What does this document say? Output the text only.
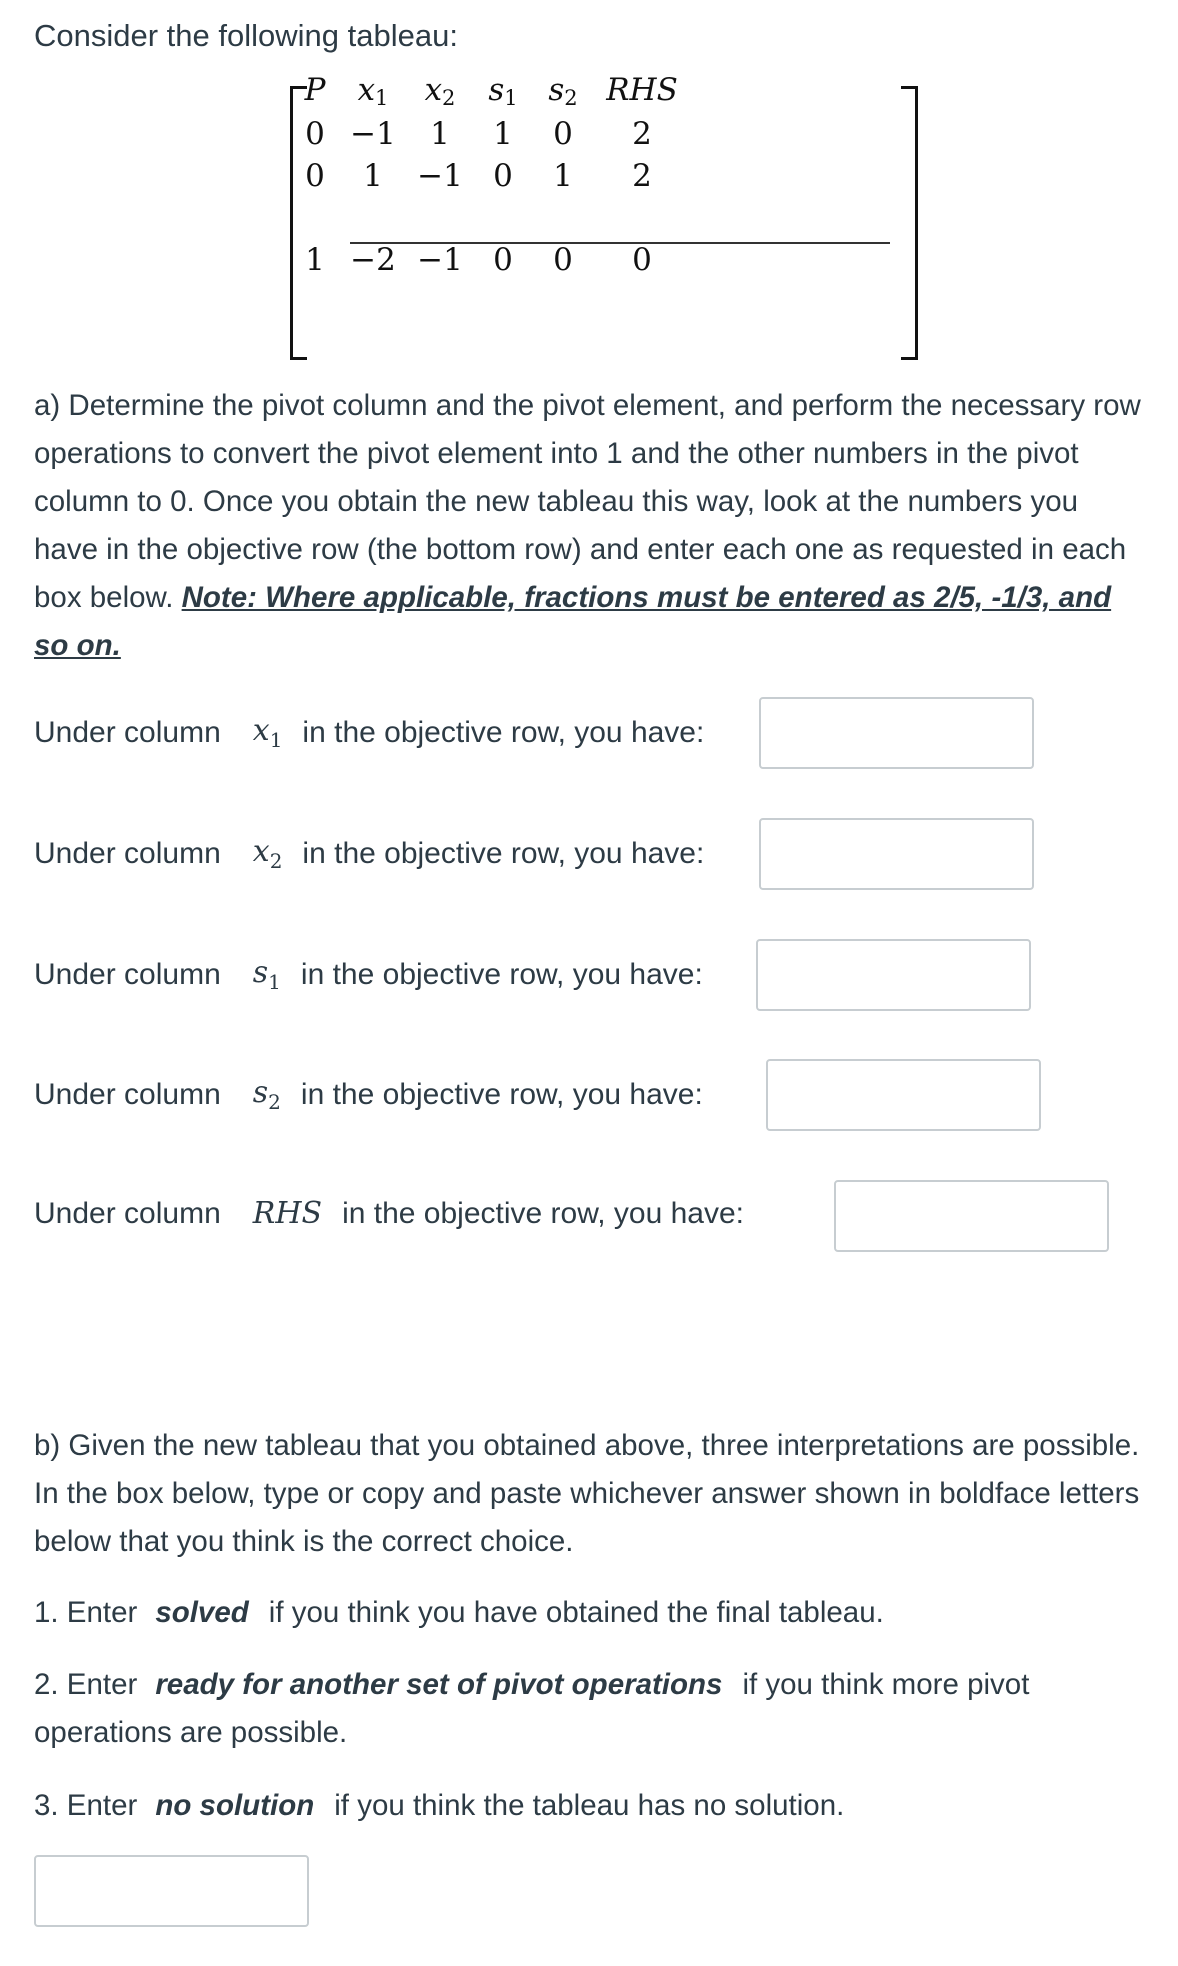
Consider the following tableau:
P	$x_1$	$x_2$	$s_1$ $s_2$ RHS
0 −1	1	1	0	2
0	1	−1 0	1	2
1 −2 −1 0	0	0
a) Determine the pivot column and the pivot element, and perform the necessary row operations to convert the pivot element into 1 and the other numbers in the pivot column to 0. Once you obtain the new tableau this way, look at the numbers you have in the objective row (the bottom row) and enter each one as requested in each box below. Note: Where applicable, fractions must be entered as 2/5, -1/3, and so on.
Under column $x_1$ in the objective row, you have:
Under column $x_2$ in the objective row, you have:
Under column $s_1$ in the objective row, you have:
Under column $s_2$ in the objective row, you have:
Under column RHS in the objective row, you have:
b) Given the new tableau that you obtained above, three interpretations are possible. In the box below, type or copy and paste whichever answer shown in boldface letters below that you think is the correct choice.
1. Enter solved if you think you have obtained the final tableau.
2. Enter ready for another set of pivot operations if you think more pivot operations are possible.
3. Enter no solution if you think the tableau has no solution.
